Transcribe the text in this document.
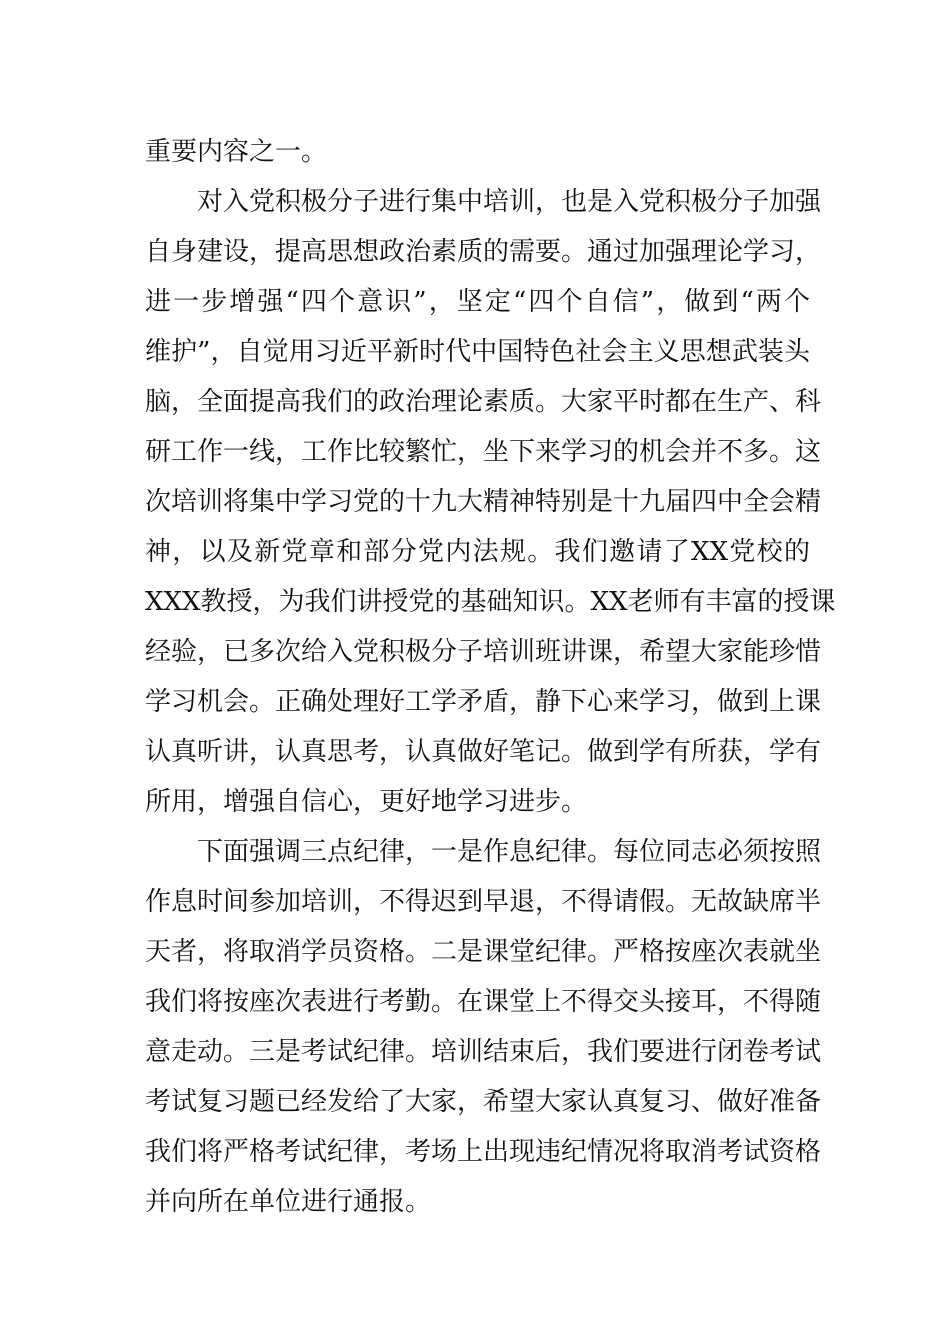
重要内容之一。
对入党积极分子进行集中培训，也是入党积极分子加强
自身建设，提高思想政治素质的需要。通过加强理论学习，
进一步增强“四个意识”，坚定“四个自信”，做到“两个
维护”，自觉用习近平新时代中国特色社会主义思想武装头
脑，全面提高我们的政治理论素质。大家平时都在生产、科
研工作一线，工作比较繁忙，坐下来学习的机会并不多。这
次培训将集中学习党的十九大精神特别是十九届四中全会精
神，以及新党章和部分党内法规。我们邀请了XX党校的
XXX教授，为我们讲授党的基础知识。XX老师有丰富的授课
经验，已多次给入党积极分子培训班讲课，希望大家能珍惜
学习机会。正确处理好工学矛盾，静下心来学习，做到上课
认真听讲，认真思考，认真做好笔记。做到学有所获，学有
所用，增强自信心，更好地学习进步。
下面强调三点纪律，一是作息纪律。每位同志必须按照
作息时间参加培训，不得迟到早退，不得请假。无故缺席半
天者，将取消学员资格。二是课堂纪律。严格按座次表就坐
我们将按座次表进行考勤。在课堂上不得交头接耳，不得随
意走动。三是考试纪律。培训结束后，我们要进行闭卷考试
考试复习题已经发给了大家，希望大家认真复习、做好准备
我们将严格考试纪律，考场上出现违纪情况将取消考试资格
并向所在单位进行通报。
